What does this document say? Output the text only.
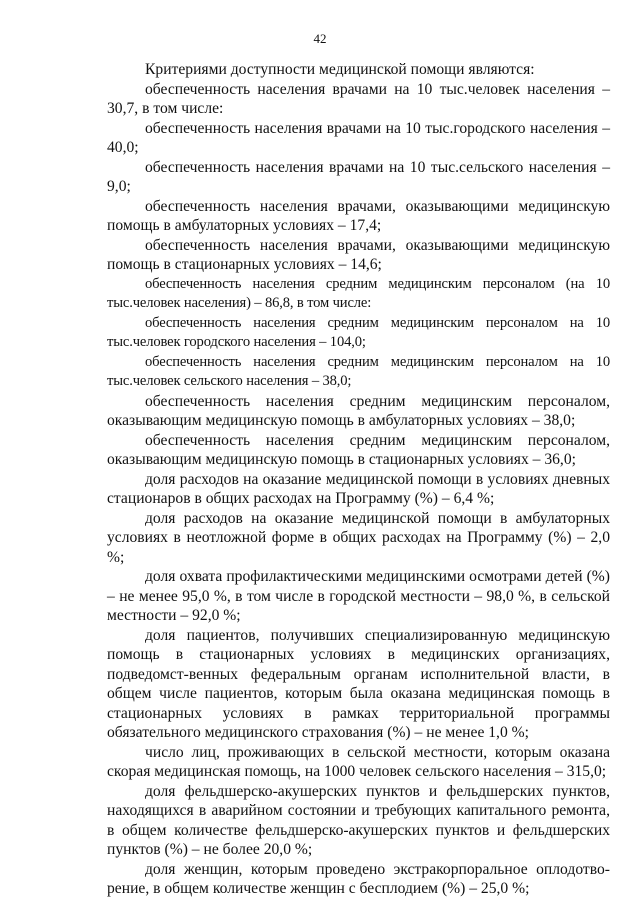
42

Критериями доступности медицинской помощи являются:

обеспеченность населения врачами на 10 тыс.человек населения – 30,7, в том числе:

обеспеченность населения врачами на 10 тыс.городского населения – 40,0;

обеспеченность населения врачами на 10 тыс.сельского населения – 9,0;

обеспеченность населения врачами, оказывающими медицинскую помощь в амбулаторных условиях – 17,4;

обеспеченность населения врачами, оказывающими медицинскую помощь в стационарных условиях – 14,6;

обеспеченность населения средним медицинским персоналом (на 10 тыс.человек населения) – 86,8, в том числе:

обеспеченность населения средним медицинским персоналом на 10 тыс.человек городского населения – 104,0;

обеспеченность населения средним медицинским персоналом на 10 тыс.человек сельского населения – 38,0;

обеспеченность населения средним медицинским персоналом, оказывающим медицинскую помощь в амбулаторных условиях – 38,0;

обеспеченность населения средним медицинским персоналом, оказывающим медицинскую помощь в стационарных условиях – 36,0;

доля расходов на оказание медицинской помощи в условиях дневных стационаров в общих расходах на Программу (%) – 6,4 %;

доля расходов на оказание медицинской помощи в амбулаторных условиях в неотложной форме в общих расходах на Программу (%) – 2,0 %;

доля охвата профилактическими медицинскими осмотрами детей (%) – не менее 95,0 %, в том числе в городской местности – 98,0 %, в сельской местности – 92,0 %;

доля пациентов, получивших специализированную медицинскую помощь в стационарных условиях в медицинских организациях, подведомст-венных федеральным органам исполнительной власти, в общем числе пациентов, которым была оказана медицинская помощь в стационарных условиях в рамках территориальной программы обязательного медицинского страхования (%) – не менее 1,0 %;

число лиц, проживающих в сельской местности, которым оказана скорая медицинская помощь, на 1000 человек сельского населения – 315,0;

доля фельдшерско-акушерских пунктов и фельдшерских пунктов, находящихся в аварийном состоянии и требующих капитального ремонта, в общем количестве фельдшерско-акушерских пунктов и фельдшерских пунктов (%) – не более 20,0 %;

доля женщин, которым проведено экстракорпоральное оплодотво-рение, в общем количестве женщин с бесплодием (%) – 25,0 %;
